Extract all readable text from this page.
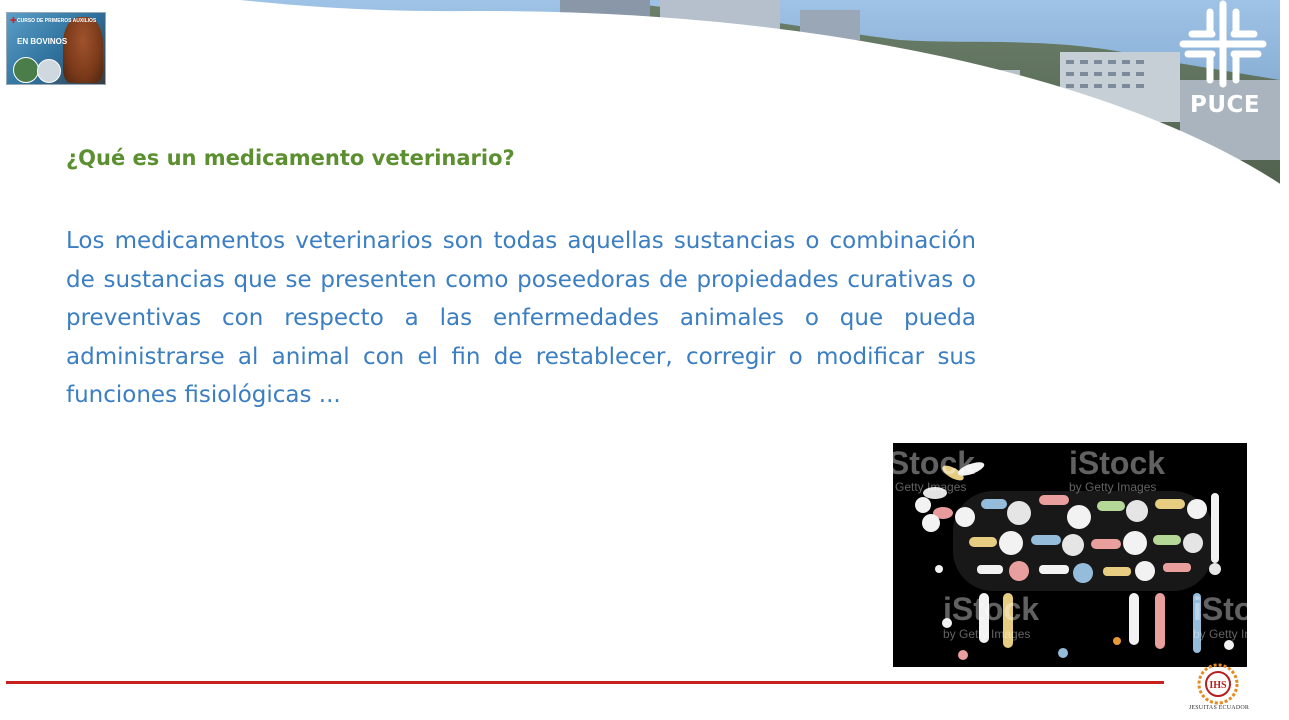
✚ CURSO DE PRIMEROS AUXILIOS
EN BOVINOS
PUCE
¿Qué es un medicamento veterinario?

Los medicamentos veterinarios son todas aquellas sustancias o combinación de sustancias que se presenten como poseedoras de propiedades curativas o preventivas con respecto a las enfermedades animales o que pueda administrarse al animal con el fin de restablecer, corregir o modificar sus funciones fisiológicas ...

iStock
by Getty Images
iStock
by Getty Images
iStock
by Getty Images
iStock
by Getty Images
IHS
JESUITAS ECUADOR
